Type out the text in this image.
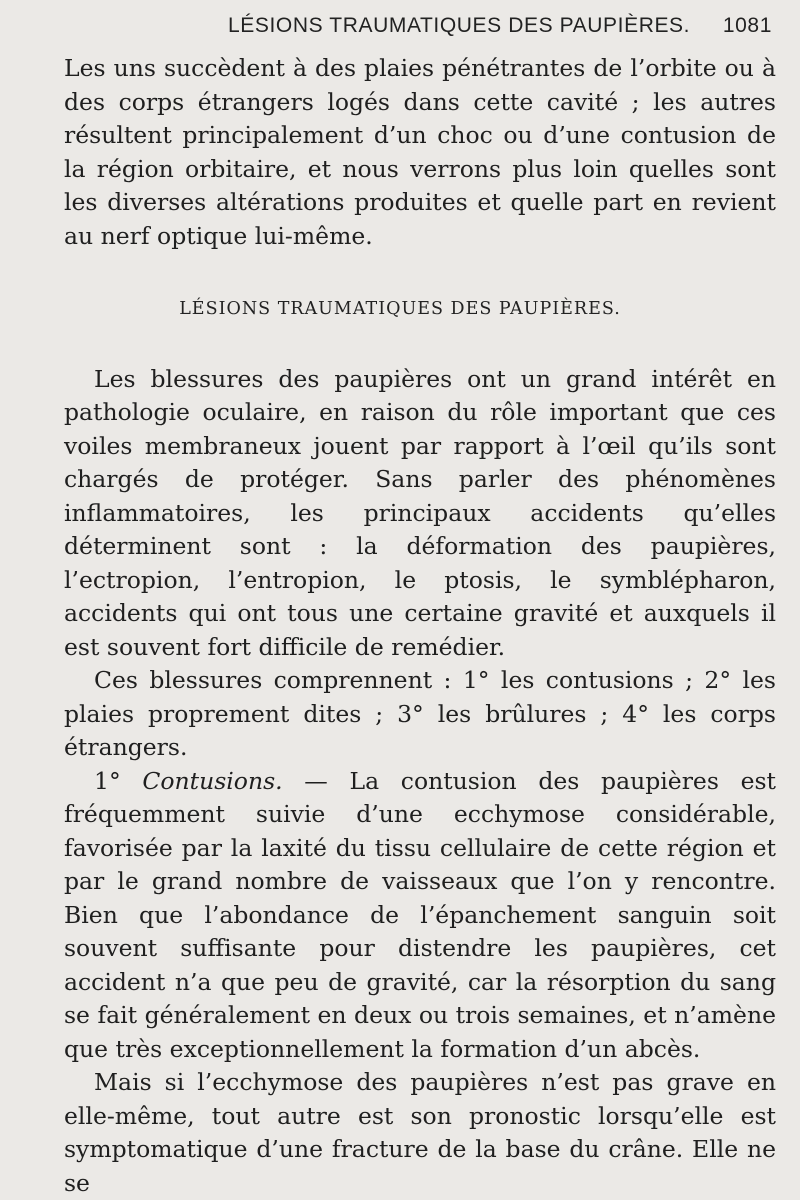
LÉSIONS TRAUMATIQUES DES PAUPIÈRES. 1081

Les uns succèdent à des plaies pénétrantes de l’orbite ou à des corps étrangers logés dans cette cavité ; les autres résultent principalement d’un choc ou d’une contusion de la région orbitaire, et nous verrons plus loin quelles sont les diverses altérations produites et quelle part en revient au nerf optique lui-même.

LÉSIONS TRAUMATIQUES DES PAUPIÈRES.

Les blessures des paupières ont un grand intérêt en pathologie oculaire, en raison du rôle important que ces voiles membraneux jouent par rapport à l’œil qu’ils sont chargés de protéger. Sans parler des phénomènes inflammatoires, les principaux accidents qu’elles déterminent sont : la déformation des paupières, l’ectropion, l’entropion, le ptosis, le symblépharon, accidents qui ont tous une certaine gravité et auxquels il est souvent fort difficile de remédier.

Ces blessures comprennent : 1° les contusions ; 2° les plaies proprement dites ; 3° les brûlures ; 4° les corps étrangers.

1° Contusions. — La contusion des paupières est fréquemment suivie d’une ecchymose considérable, favorisée par la laxité du tissu cellulaire de cette région et par le grand nombre de vaisseaux que l’on y rencontre. Bien que l’abondance de l’épanchement sanguin soit souvent suffisante pour distendre les paupières, cet accident n’a que peu de gravité, car la résorption du sang se fait généralement en deux ou trois semaines, et n’amène que très exceptionnellement la formation d’un abcès.

Mais si l’ecchymose des paupières n’est pas grave en elle-même, tout autre est son pronostic lorsqu’elle est symptomatique d’une fracture de la base du crâne. Elle ne se
